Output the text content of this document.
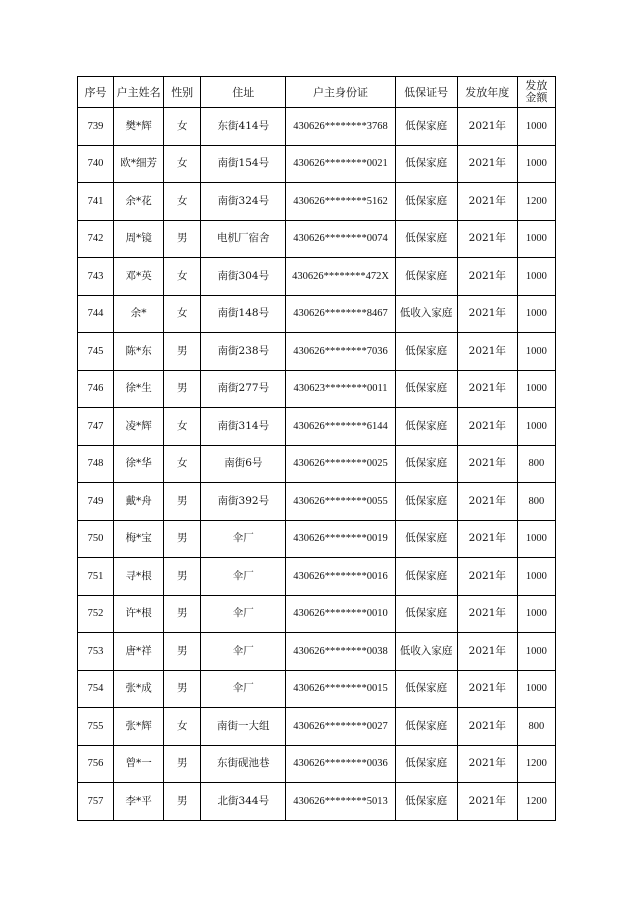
序号	户主姓名	性别	住址	户主身份证	低保证号	发放年度	发放
金额

739	樊*辉	女	东街414号	430626********3768	低保家庭	2021年	1000
740	欧*细芳	女	南街154号	430626********0021	低保家庭	2021年	1000
741	余*花	女	南街324号	430626********5162	低保家庭	2021年	1200
742	周*镜	男	电机厂宿舍	430626********0074	低保家庭	2021年	1000
743	邓*英	女	南街304号	430626********472X	低保家庭	2021年	1000
744	余*	女	南街148号	430626********8467	低收入家庭	2021年	1000
745	陈*东	男	南街238号	430626********7036	低保家庭	2021年	1000
746	徐*生	男	南街277号	430623********0011	低保家庭	2021年	1000
747	凌*辉	女	南街314号	430626********6144	低保家庭	2021年	1000
748	徐*华	女	南街6号	430626********0025	低保家庭	2021年	800
749	戴*舟	男	南街392号	430626********0055	低保家庭	2021年	800
750	梅*宝	男	伞厂	430626********0019	低保家庭	2021年	1000
751	寻*根	男	伞厂	430626********0016	低保家庭	2021年	1000
752	许*根	男	伞厂	430626********0010	低保家庭	2021年	1000
753	唐*祥	男	伞厂	430626********0038	低收入家庭	2021年	1000
754	张*成	男	伞厂	430626********0015	低保家庭	2021年	1000
755	张*辉	女	南街一大组	430626********0027	低保家庭	2021年	800
756	曾*一	男	东街砚池巷	430626********0036	低保家庭	2021年	1200
757	李*平	男	北街344号	430626********5013	低保家庭	2021年	1200
